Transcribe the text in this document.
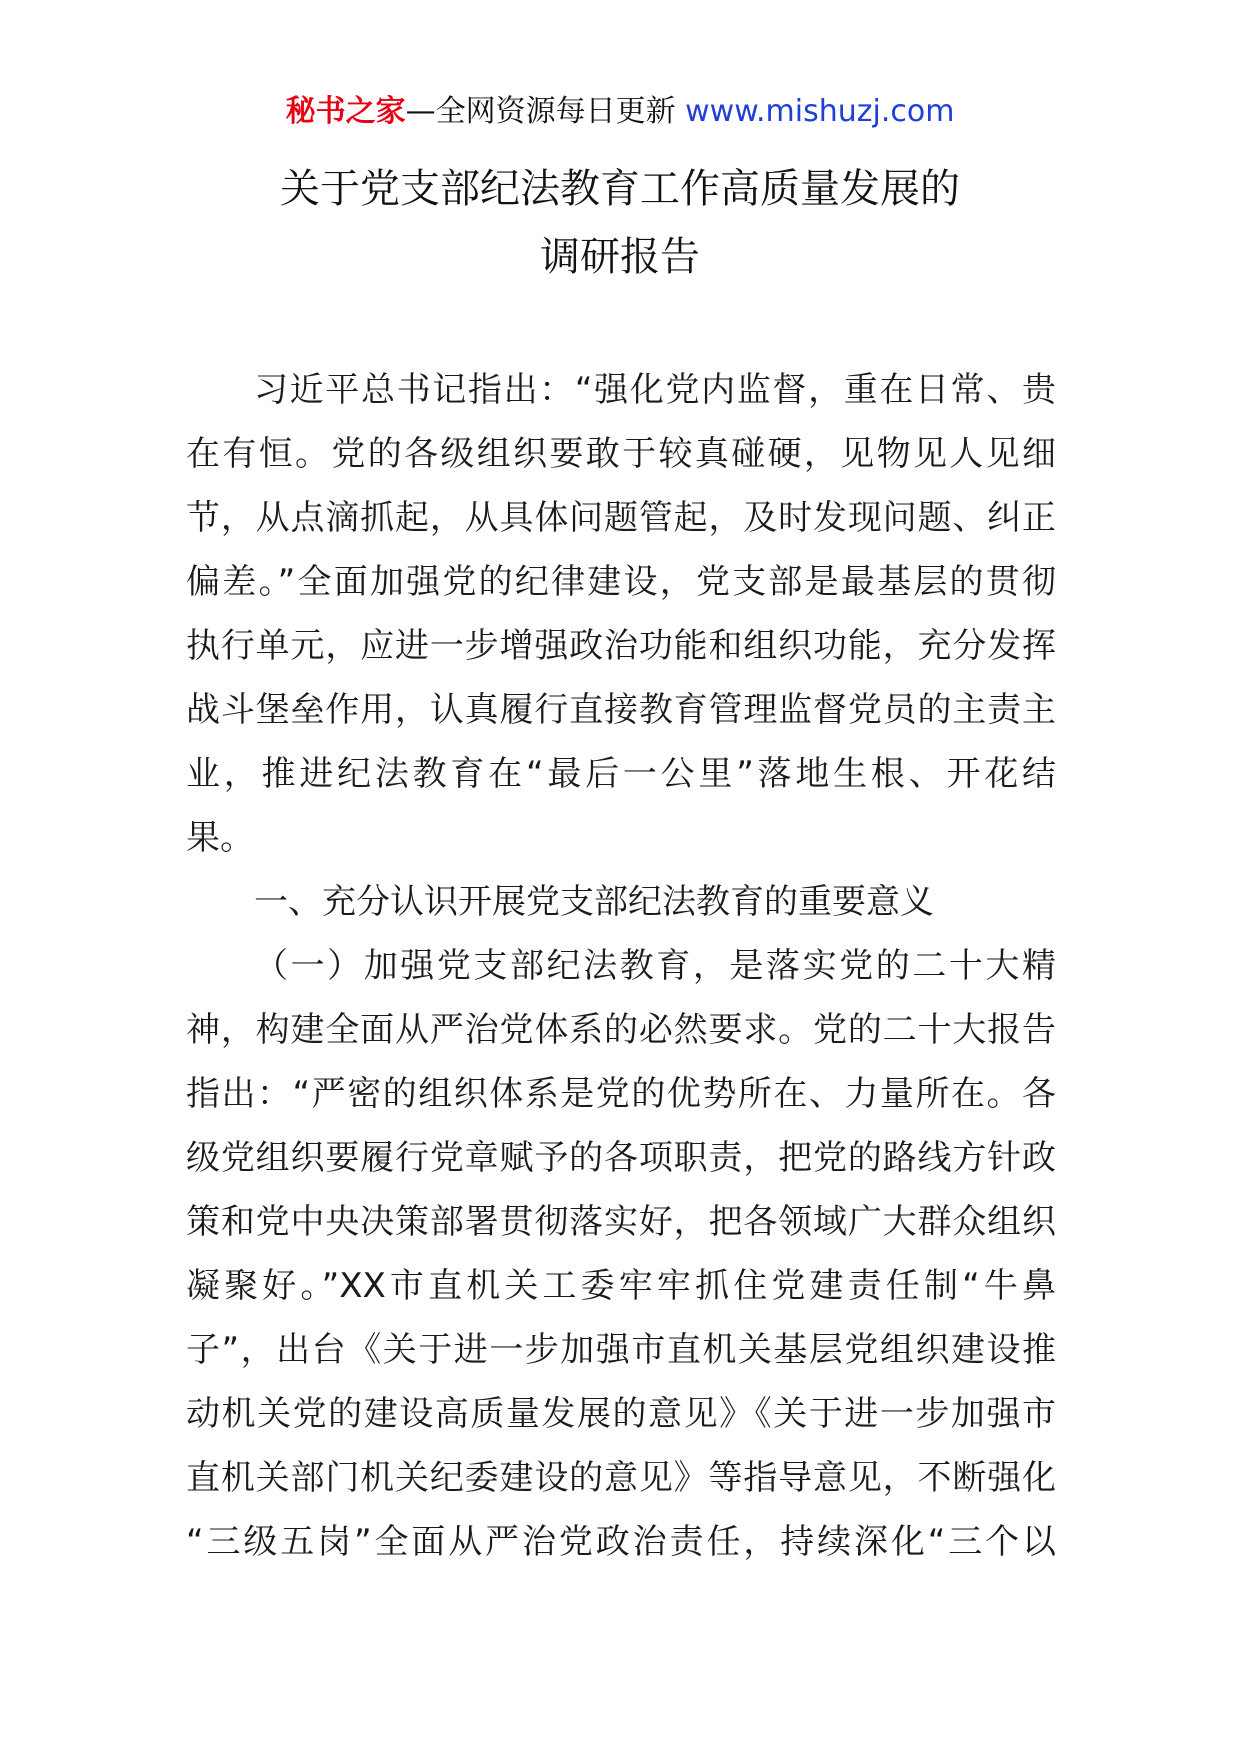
秘书之家—全网资源每日更新 www.mishuzj.com
关于党支部纪法教育工作高质量发展的
调研报告
习近平总书记指出：“强化党内监督，重在日常、贵
在有恒。党的各级组织要敢于较真碰硬，见物见人见细
节，从点滴抓起，从具体问题管起，及时发现问题、纠正
偏差。”全面加强党的纪律建设，党支部是最基层的贯彻
执行单元，应进一步增强政治功能和组织功能，充分发挥
战斗堡垒作用，认真履行直接教育管理监督党员的主责主
业，推进纪法教育在“最后一公里”落地生根、开花结
果。
一、充分认识开展党支部纪法教育的重要意义
（一）加强党支部纪法教育，是落实党的二十大精
神，构建全面从严治党体系的必然要求。党的二十大报告
指出：“严密的组织体系是党的优势所在、力量所在。各
级党组织要履行党章赋予的各项职责，把党的路线方针政
策和党中央决策部署贯彻落实好，把各领域广大群众组织
凝聚好。”XX市直机关工委牢牢抓住党建责任制“牛鼻
子”，出台《关于进一步加强市直机关基层党组织建设推
动机关党的建设高质量发展的意见》《关于进一步加强市
直机关部门机关纪委建设的意见》等指导意见，不断强化
“三级五岗”全面从严治党政治责任，持续深化“三个以
